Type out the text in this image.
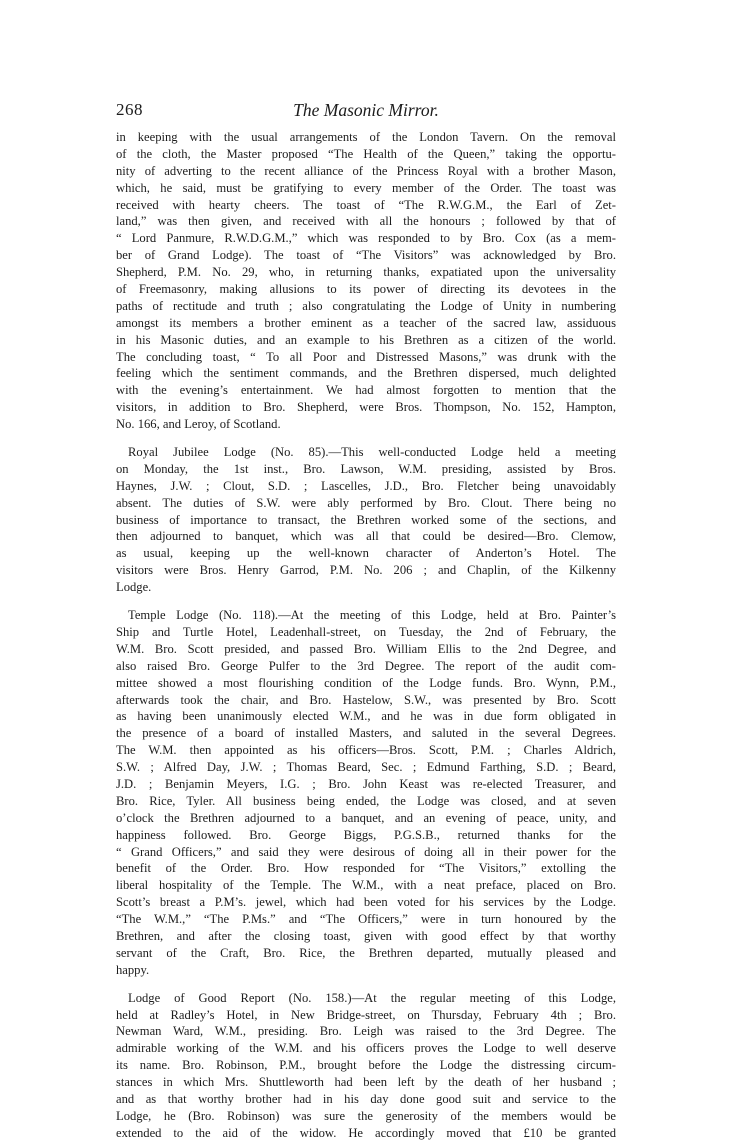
268	The Masonic Mirror.
in keeping with the usual arrangements of the London Tavern. On the removal
of the cloth, the Master proposed “The Health of the Queen,” taking the opportu-
nity of adverting to the recent alliance of the Princess Royal with a brother Mason,
which, he said, must be gratifying to every member of the Order. The toast was
received with hearty cheers. The toast of “The R.W.G.M., the Earl of Zet-
land,” was then given, and received with all the honours ; followed by that of
“ Lord Panmure, R.W.D.G.M.,” which was responded to by Bro. Cox (as a mem-
ber of Grand Lodge). The toast of “The Visitors” was acknowledged by Bro.
Shepherd, P.M. No. 29, who, in returning thanks, expatiated upon the universality
of Freemasonry, making allusions to its power of directing its devotees in the
paths of rectitude and truth ; also congratulating the Lodge of Unity in numbering
amongst its members a brother eminent as a teacher of the sacred law, assiduous
in his Masonic duties, and an example to his Brethren as a citizen of the world.
The concluding toast, “ To all Poor and Distressed Masons,” was drunk with the
feeling which the sentiment commands, and the Brethren dispersed, much delighted
with the evening’s entertainment. We had almost forgotten to mention that the
visitors, in addition to Bro. Shepherd, were Bros. Thompson, No. 152, Hampton,
No. 166, and Leroy, of Scotland.
Royal Jubilee Lodge (No. 85).—This well-conducted Lodge held a meeting
on Monday, the 1st inst., Bro. Lawson, W.M. presiding, assisted by Bros.
Haynes, J.W. ; Clout, S.D. ; Lascelles, J.D., Bro. Fletcher being unavoidably
absent. The duties of S.W. were ably performed by Bro. Clout. There being no
business of importance to transact, the Brethren worked some of the sections, and
then adjourned to banquet, which was all that could be desired—Bro. Clemow,
as usual, keeping up the well-known character of Anderton’s Hotel. The
visitors were Bros. Henry Garrod, P.M. No. 206 ; and Chaplin, of the Kilkenny
Lodge.
Temple Lodge (No. 118).—At the meeting of this Lodge, held at Bro. Painter’s
Ship and Turtle Hotel, Leadenhall-street, on Tuesday, the 2nd of February, the
W.M. Bro. Scott presided, and passed Bro. William Ellis to the 2nd Degree, and
also raised Bro. George Pulfer to the 3rd Degree. The report of the audit com-
mittee showed a most flourishing condition of the Lodge funds. Bro. Wynn, P.M.,
afterwards took the chair, and Bro. Hastelow, S.W., was presented by Bro. Scott
as having been unanimously elected W.M., and he was in due form obligated in
the presence of a board of installed Masters, and saluted in the several Degrees.
The W.M. then appointed as his officers—Bros. Scott, P.M. ; Charles Aldrich,
S.W. ; Alfred Day, J.W. ; Thomas Beard, Sec. ; Edmund Farthing, S.D. ; Beard,
J.D. ; Benjamin Meyers, I.G. ; Bro. John Keast was re-elected Treasurer, and
Bro. Rice, Tyler. All business being ended, the Lodge was closed, and at seven
o’clock the Brethren adjourned to a banquet, and an evening of peace, unity, and
happiness followed. Bro. George Biggs, P.G.S.B., returned thanks for the
“ Grand Officers,” and said they were desirous of doing all in their power for the
benefit of the Order. Bro. How responded for “The Visitors,” extolling the
liberal hospitality of the Temple. The W.M., with a neat preface, placed on Bro.
Scott’s breast a P.M’s. jewel, which had been voted for his services by the Lodge.
“The W.M.,” “The P.Ms.” and “The Officers,” were in turn honoured by the
Brethren, and after the closing toast, given with good effect by that worthy
servant of the Craft, Bro. Rice, the Brethren departed, mutually pleased and
happy.
Lodge of Good Report (No. 158.)—At the regular meeting of this Lodge,
held at Radley’s Hotel, in New Bridge-street, on Thursday, February 4th ; Bro.
Newman Ward, W.M., presiding. Bro. Leigh was raised to the 3rd Degree. The
admirable working of the W.M. and his officers proves the Lodge to well deserve
its name. Bro. Robinson, P.M., brought before the Lodge the distressing circum-
stances in which Mrs. Shuttleworth had been left by the death of her husband ;
and as that worthy brother had in his day done good suit and service to the
Lodge, he (Bro. Robinson) was sure the generosity of the members would be
extended to the aid of the widow. He accordingly moved that £10 be granted
